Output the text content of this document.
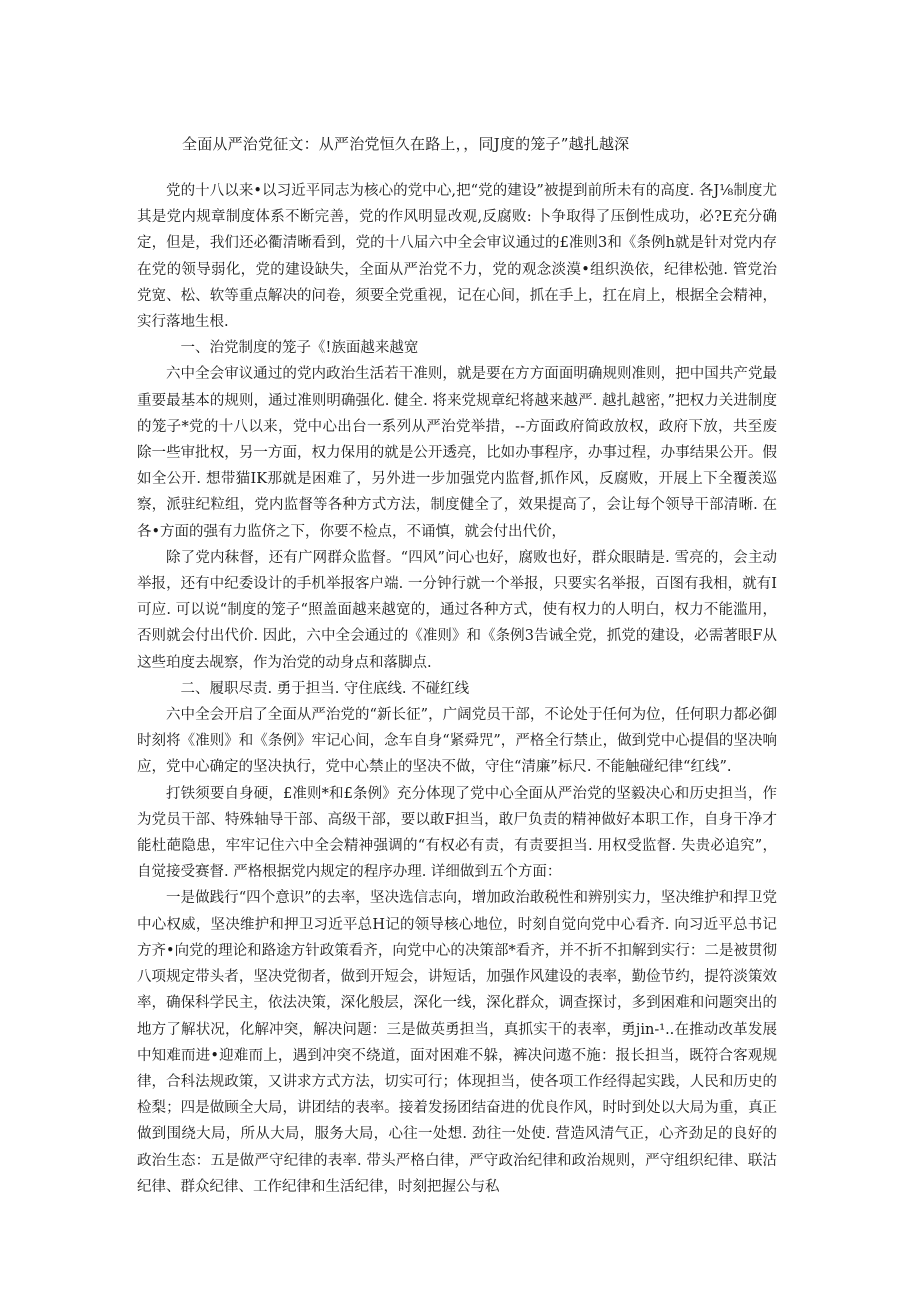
全面从严治党征文：从严治党恒久在路上，，同J度的笼子”越扎越深

党的十八以来•以习近平同志为核心的党中心,把“党的建设”被提到前所未有的高度. 各J⅛制度尤其是党内规章制度体系不断完善，党的作风明显改观,反腐败: 卜争取得了压倒性成功，必?E充分确定，但是，我们还必衢清晰看到，党的十八届六中全会审议通过的£准则3和《条例h就是针对党内存在党的领导弱化，党的建设缺失，全面从严治党不力，党的观念淡漠•组织涣依，纪律松弛. 管党治党宽、松、软等重点解决的问卷，须要全党重视，记在心间，抓在手上，扛在肩上，根据全会精神，实行落地生根.

一、治党制度的笼子《!族面越来越宽

六中全会审议通过的党内政治生活若干准则，就是要在方方面面明确规则准则，把中国共产党最重要最基本的规则，通过准则明确强化. 健全. 将来党规章纪将越来越严. 越扎越密，”把权力关进制度的笼子*党的十八以来，党中心出台一系列从严治党举措，--方面政府简政放权，政府下放，共至废除一些审批权，另一方面，权力保用的就是公开透亮，比如办事程序，办事过程，办事结果公开。假如全公开. 想带猫IK那就是困难了，另外进一步加强党内监督,抓作风，反腐败，开展上下全覆羡巡察，派驻纪粒组，党内监督等各种方式方法，制度健全了，效果提高了，会让每个领导干部清晰. 在各•方面的强有力监侪之下，你要不检点，不诵慎，就会付出代价，

除了党内秣督，还有广网群众监督。“四风”问心也好，腐败也好，群众眼睛是. 雪亮的，会主动举报，还有中纪委设计的手机举报客户端. 一分钟行就一个举报，只要实名举报，百图有我相，就有I可应. 可以说“制度的笼子“照盖面越来越宽的，通过各种方式，使有权力的人明白，权力不能滥用，否则就会付出代价. 因此，六中全会通过的《准则》和《条例3告诫全党，抓党的建设，必需著眼F从这些珀度去觇察，作为治党的动身点和落脚点.

二、履职尽责. 勇于担当. 守住底线. 不碰红线

六中全会开启了全面从严治党的“新长征”，广阔党员干部，不论处于任何为位，任何职力都必御时刻将《准则》和《条例》牢记心间，念车自身“紧舜咒”，严格全行禁止，做到党中心提倡的坚决响应，党中心确定的坚决执行，党中心禁止的坚决不做，守住“清廉”标尺. 不能触碰纪律“红线”.

打铁须要自身硬，£准则*和£条例》充分体现了党中心全面从严治党的坚毅决心和历史担当，作为党员干部、特殊轴导干部、高级干部，要以敢F担当，敢尸负责的精神做好本职工作，自身干净才能杜葩隐患，牢牢记住六中全会精神强调的“有权必有责，有责要担当. 用权受监督. 失贵必追究”，自觉接受赛督. 严格根据党内规定的程序办理. 详细做到五个方面：

一是做践行“四个意识”的去率，坚决选信志向，增加政治敢税性和辨别实力，坚决维护和捍卫党中心权威，坚决维护和押卫习近平总H记的领导核心地位，时刻自觉向党中心看齐. 向习近平总书记方齐•向党的理论和路途方针政策看齐，向党中心的决策部*看齐，并不折不扣解到实行：二是被贯彻八项规定带头者，坚决党彻者，做到开短会，讲短话，加强作风建设的表率，勤俭节约，提符淡策效率，确保科学民主，依法决策，深化般层，深化一线，深化群众，调查探讨，多到困难和问题突出的地方了解状况，化解冲突，解决问题：三是做英勇担当，真抓实干的表率，勇jin-¹..在推动改革发展中知难而进•迎难而上，遇到冲突不绕道，面对困难不躲，裤决问遨不施：报长担当，既符合客观规律，合科法规政策，又讲求方式方法，切实可行；体现担当，使各项工作经得起实践，人民和历史的检梨；四是做顾全大局，讲团结的表率。接着发扬团结奋进的优良作风，时时到处以大局为重，真正做到围绕大局，所从大局，服务大局，心往一处想. 劲往一处使. 营造风清气正，心齐劲足的良好的政治生态：五是做严守纪律的表率. 带头严格白律，严守政治纪律和政治规则，严守组织纪律、联沽纪律、群众纪律、工作纪律和生活纪律，时刻把握公与私
